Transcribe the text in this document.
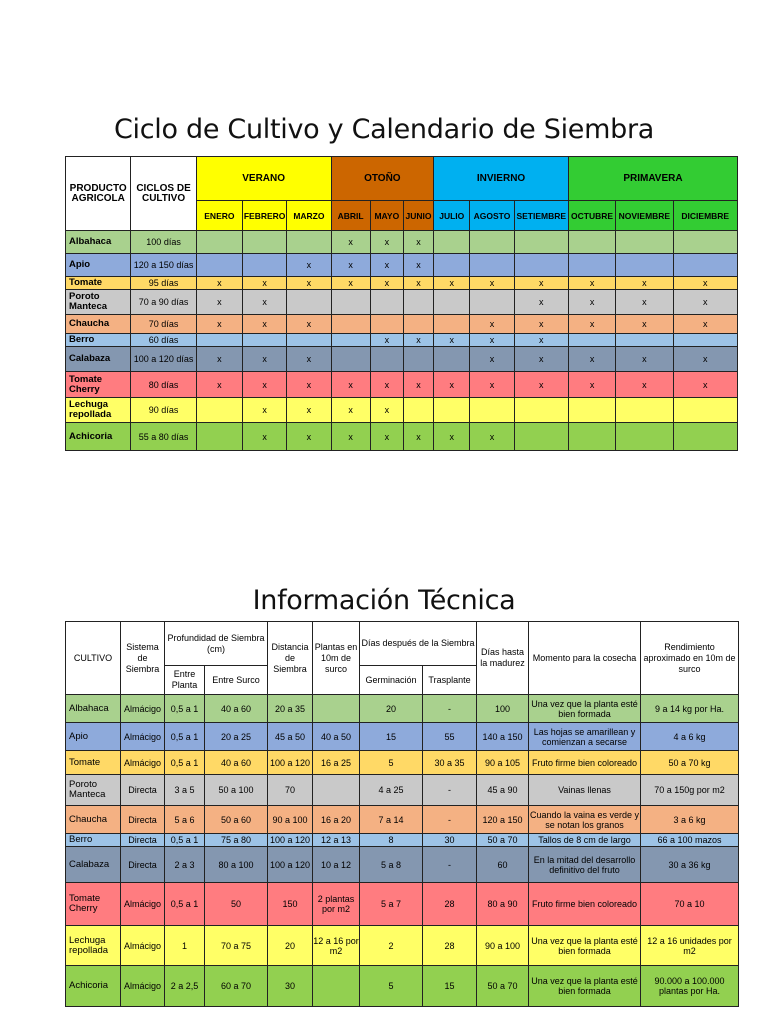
Ciclo de Cultivo y Calendario de Siembra
PRODUCTO AGRICOLA	CICLOS DE CULTIVO	VERANO			OTOÑO			INVIERNO			PRIMAVERA		
		ENERO	FEBRERO	MARZO	ABRIL	MAYO	JUNIO	JULIO	AGOSTO	SETIEMBRE	OCTUBRE	NOVIEMBRE	DICIEMBRE
Albahaca	100 días				x	x	x						
Apio	120 a 150 días			x	x	x	x						
Tomate	95 días	x	x	x	x	x	x	x	x	x	x	x	x
Poroto Manteca	70 a 90 días	x	x							x	x	x	x
Chaucha	70 días	x	x	x					x	x	x	x	x
Berro	60 días					x	x	x	x	x			
Calabaza	100 a 120 días	x	x	x					x	x	x	x	x
Tomate Cherry	80 días	x	x	x	x	x	x	x	x	x	x	x	x
Lechuga repollada	90 días		x	x	x	x							
Achicoria	55 a 80 días		x	x	x	x	x	x	x				
Información Técnica
CULTIVO	Sistema de Siembra	Profundidad de Siembra (cm)		Distancia de Siembra	Plantas en 10m de surco	Días después de la Siembra		Días hasta la madurez	Momento para la cosecha	Rendimiento aproximado en 10m de surco
		Entre Planta	Entre Surco			Germinación	Trasplante			
Albahaca	Almácigo	0,5 a 1	40 a 60	20 a 35		20	-	100	Una vez que la planta esté bien formada	9 a 14 kg por Ha.
Apio	Almácigo	0,5 a 1	20 a 25	45 a 50	40 a 50	15	55	140 a 150	Las hojas se amarillean y comienzan a secarse	4 a 6 kg
Tomate	Almácigo	0,5 a 1	40 a 60	100 a 120	16 a 25	5	30 a 35	90 a 105	Fruto firme bien coloreado	50 a 70 kg
Poroto Manteca	Directa	3 a 5	50 a 100	70		4 a 25	-	45 a 90	Vainas llenas	70 a 150g por m2
Chaucha	Directa	5 a 6	50 a 60	90 a 100	16 a 20	7 a 14	-	120 a 150	Cuando la vaina es verde y se notan los granos	3 a 6 kg
Berro	Directa	0,5 a 1	75 a 80	100 a 120	12 a 13	8	30	50 a 70	Tallos de 8 cm de largo	66 a 100 mazos
Calabaza	Directa	2 a 3	80 a 100	100 a 120	10 a 12	5 a 8	-	60	En la mitad del desarrollo definitivo del fruto	30 a 36 kg
Tomate Cherry	Almácigo	0,5 a 1	50	150	2 plantas por m2	5 a 7	28	80 a 90	Fruto firme bien coloreado	70 a 10
Lechuga repollada	Almácigo	1	70 a 75	20	12 a 16 por m2	2	28	90 a 100	Una vez que la planta esté bien formada	12 a 16 unidades por m2
Achicoria	Almácigo	2 a 2,5	60 a 70	30		5	15	50 a 70	Una vez que la planta esté bien formada	90.000 a 100.000 plantas por Ha.
